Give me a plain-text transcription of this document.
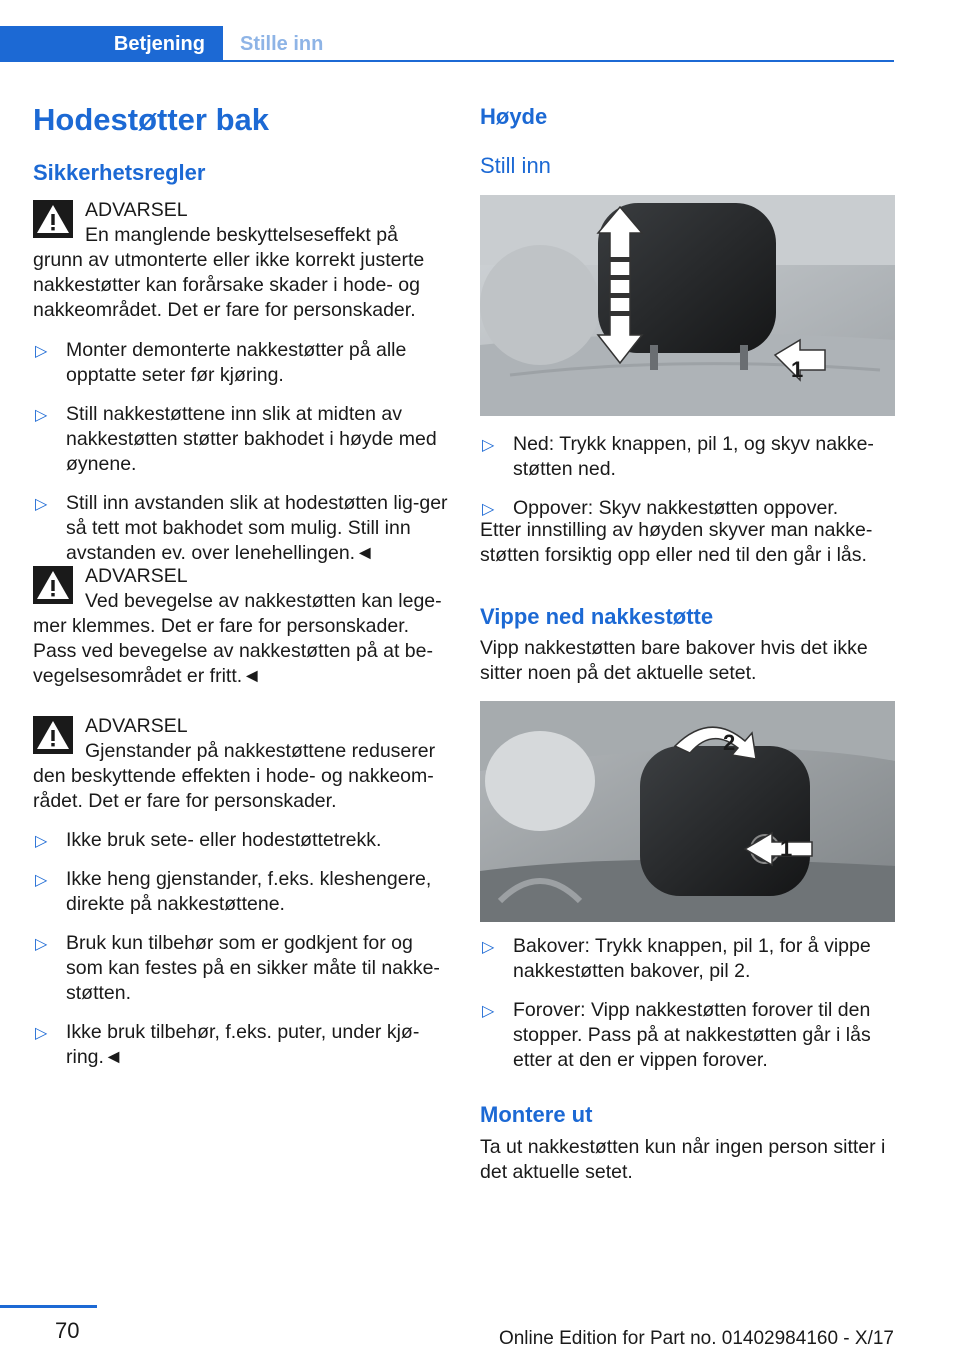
Betjening	Stille inn
Hodestøtter bak
Sikkerhetsregler
ADVARSEL
En manglende beskyttelseseffekt på grunn av utmonterte eller ikke korrekt justerte nakkestøtter kan forårsake skader i hode- og nakkeområdet. Det er fare for personskader.
▷ Monter demonterte nakkestøtter på alle opptatte seter før kjøring.
▷ Still nakkestøttene inn slik at midten av nakkestøtten støtter bakhodet i høyde med øynene.
▷ Still inn avstanden slik at hodestøtten lig-ger så tett mot bakhodet som mulig. Still inn avstanden ev. over lenehellingen.◄
ADVARSEL
Ved bevegelse av nakkestøtten kan lege-mer klemmes. Det er fare for personskader. Pass ved bevegelse av nakkestøtten på at be-vegelsesområdet er fritt.◄
ADVARSEL
Gjenstander på nakkestøttene reduserer den beskyttende effekten i hode- og nakkeom-rådet. Det er fare for personskader.
▷ Ikke bruk sete- eller hodestøttetrekk.
▷ Ikke heng gjenstander, f.eks. kleshengere, direkte på nakkestøttene.
▷ Bruk kun tilbehør som er godkjent for og som kan festes på en sikker måte til nakke-støtten.
▷ Ikke bruk tilbehør, f.eks. puter, under kjø-ring.◄
Høyde
Still inn
1
▷ Ned: Trykk knappen, pil 1, og skyv nakke-støtten ned.
▷ Oppover: Skyv nakkestøtten oppover.
Etter innstilling av høyden skyver man nakke-støtten forsiktig opp eller ned til den går i lås.
Vippe ned nakkestøtte
Vipp nakkestøtten bare bakover hvis det ikke sitter noen på det aktuelle setet.
2
1
▷ Bakover: Trykk knappen, pil 1, for å vippe nakkestøtten bakover, pil 2.
▷ Forover: Vipp nakkestøtten forover til den stopper. Pass på at nakkestøtten går i lås etter at den er vippen forover.
Montere ut
Ta ut nakkestøtten kun når ingen person sitter i det aktuelle setet.
70	Online Edition for Part no. 01402984160 - X/17
